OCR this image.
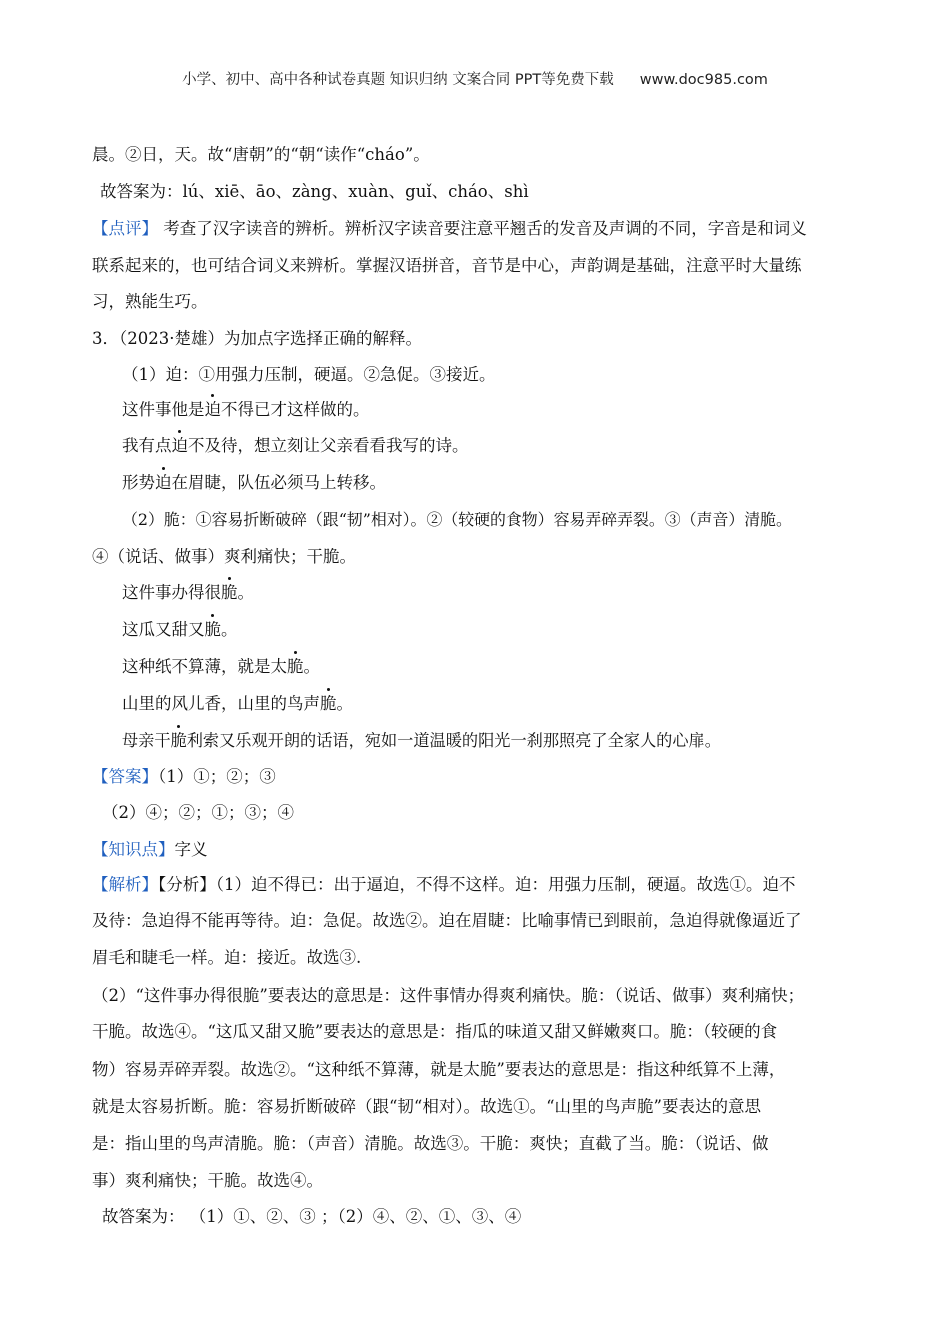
小学、初中、高中各种试卷真题 知识归纳 文案合同 PPT等免费下载 www.doc985.com
晨。②日，天。故“唐朝”的“朝“读作“cháo”。
故答案为：lú、xiē、āo、zàng、xuàn、guǐ、cháo、shì
【点评】 考查了汉字读音的辨析。辨析汉字读音要注意平翘舌的发音及声调的不同，字音是和词义
联系起来的，也可结合词义来辨析。掌握汉语拼音，音节是中心，声韵调是基础，注意平时大量练
习，熟能生巧。
3．（2023·楚雄）为加点字选择正确的解释。
（1）迫：①用强力压制，硬逼。②急促。③接近。
这件事他是迫不得已才这样做的。
我有点迫不及待，想立刻让父亲看看我写的诗。
形势迫在眉睫，队伍必须马上转移。
（2）脆：①容易折断破碎（跟“韧”相对）。②（较硬的食物）容易弄碎弄裂。③（声音）清脆。
④（说话、做事）爽利痛快；干脆。
这件事办得很脆。
这瓜又甜又脆。
这种纸不算薄，就是太脆。
山里的风儿香，山里的鸟声脆。
母亲干脆利索又乐观开朗的话语，宛如一道温暖的阳光一刹那照亮了全家人的心扉。
【答案】（1）①；②；③
（2）④；②；①；③；④
【知识点】字义
【解析】【分析】（1）迫不得已：出于逼迫，不得不这样。迫：用强力压制，硬逼。故选①。迫不
及待：急迫得不能再等待。迫：急促。故选②。迫在眉睫：比喻事情已到眼前，急迫得就像逼近了
眉毛和睫毛一样。迫：接近。故选③.
（2）“这件事办得很脆”要表达的意思是：这件事情办得爽利痛快。脆：（说话、做事）爽利痛快；
干脆。故选④。“这瓜又甜又脆”要表达的意思是：指瓜的味道又甜又鲜嫩爽口。脆：（较硬的食
物）容易弄碎弄裂。故选②。“这种纸不算薄，就是太脆”要表达的意思是：指这种纸算不上薄，
就是太容易折断。脆：容易折断破碎（跟“韧“相对）。故选①。“山里的鸟声脆”要表达的意思
是：指山里的鸟声清脆。脆：（声音）清脆。故选③。干脆：爽快；直截了当。脆：（说话、做
事）爽利痛快；干脆。故选④。
故答案为： （1）①、②、③ ；（2）④、②、①、③、④
